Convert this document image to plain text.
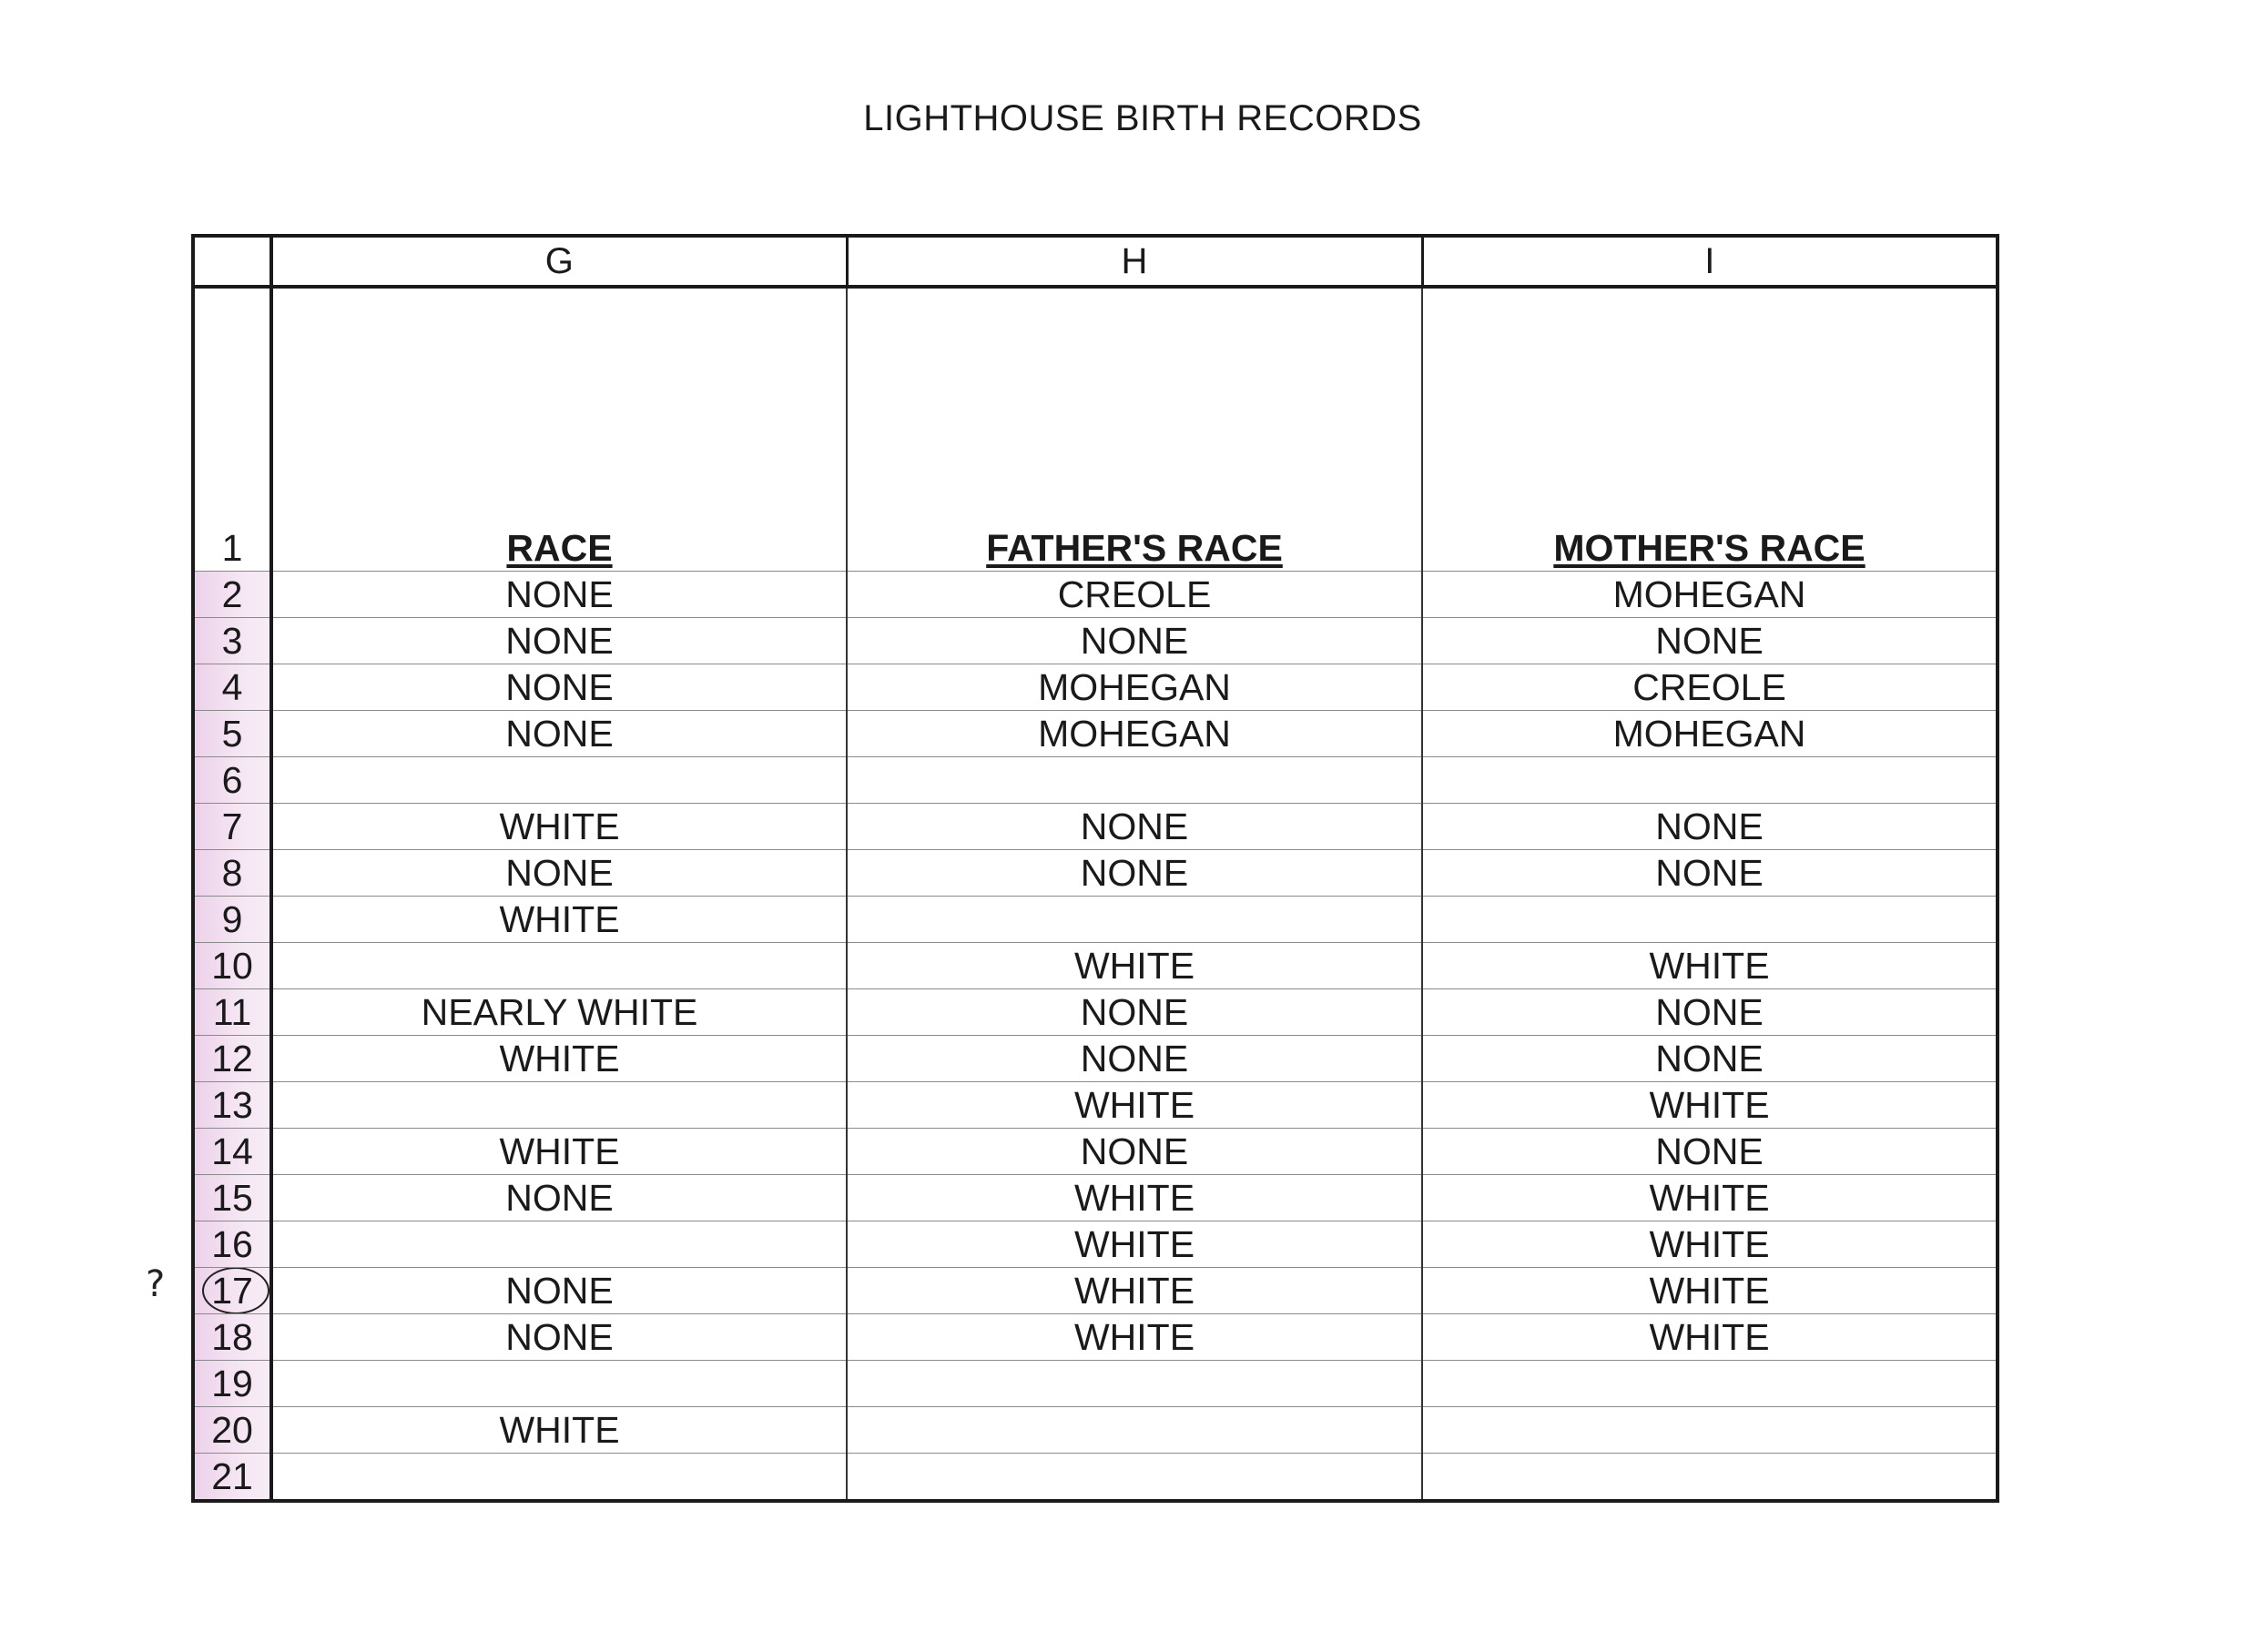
LIGHTHOUSE BIRTH RECORDS
?
	G	H	I
1	RACE	FATHER'S RACE	MOTHER'S RACE
2	NONE	CREOLE	MOHEGAN
3	NONE	NONE	NONE
4	NONE	MOHEGAN	CREOLE
5	NONE	MOHEGAN	MOHEGAN
6			
7	WHITE	NONE	NONE
8	NONE	NONE	NONE
9	WHITE		
10		WHITE	WHITE
11	NEARLY WHITE	NONE	NONE
12	WHITE	NONE	NONE
13		WHITE	WHITE
14	WHITE	NONE	NONE
15	NONE	WHITE	WHITE
16		WHITE	WHITE
17	NONE	WHITE	WHITE
18	NONE	WHITE	WHITE
19			
20	WHITE		
21			
